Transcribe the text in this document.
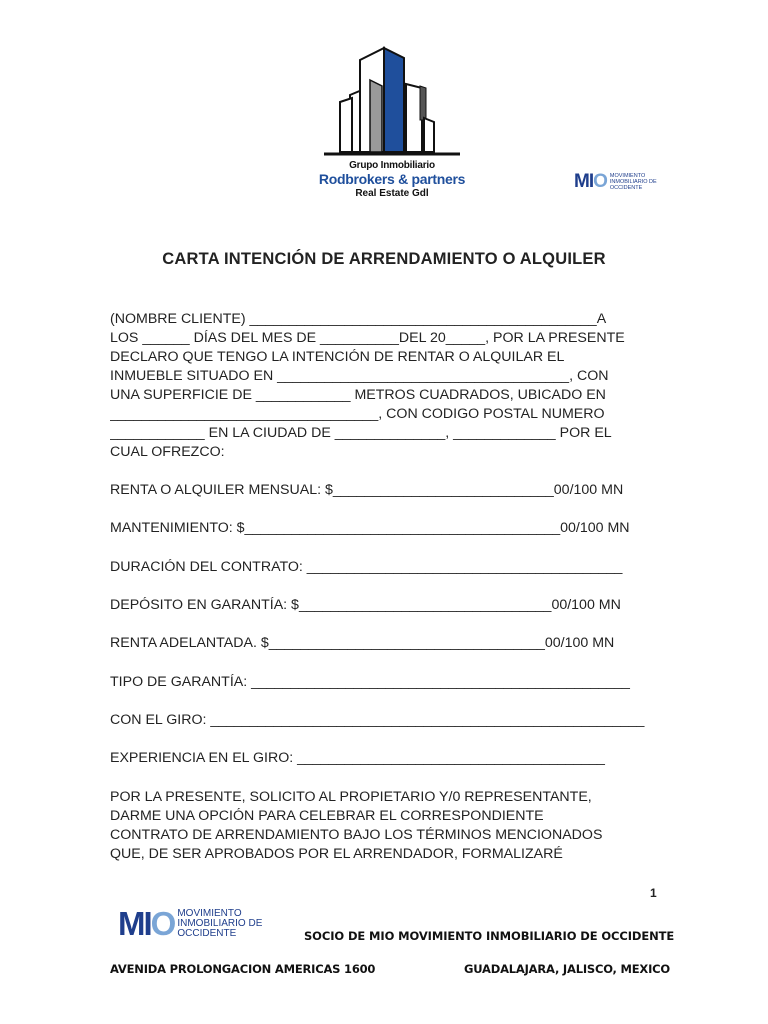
Grupo Inmobiliario
Rodbrokers & partners
Real Estate Gdl
MIO MOVIMIENTO
INMOBILIARIO DE
OCCIDENTE
CARTA INTENCIÓN DE ARRENDAMIENTO O ALQUILER
(NOMBRE CLIENTE) ____________________________________________A
LOS ______ DÍAS DEL MES DE __________DEL 20_____, POR LA PRESENTE
DECLARO QUE TENGO LA INTENCIÓN DE RENTAR O ALQUILAR EL
INMUEBLE SITUADO EN _____________________________________, CON
UNA SUPERFICIE DE ____________ METROS CUADRADOS, UBICADO EN
__________________________________, CON CODIGO POSTAL NUMERO
____________ EN LA CIUDAD DE ______________, _____________ POR EL
CUAL OFREZCO:
RENTA O ALQUILER MENSUAL: $____________________________00/100 MN
MANTENIMIENTO: $________________________________________00/100 MN
DURACIÓN DEL CONTRATO: ________________________________________
DEPÓSITO EN GARANTÍA: $________________________________00/100 MN
RENTA ADELANTADA. $___________________________________00/100 MN
TIPO DE GARANTÍA: ________________________________________________
CON EL GIRO: _______________________________________________________
EXPERIENCIA EN EL GIRO: _______________________________________
POR LA PRESENTE, SOLICITO AL PROPIETARIO Y/0 REPRESENTANTE,
DARME UNA OPCIÓN PARA CELEBRAR EL CORRESPONDIENTE
CONTRATO DE ARRENDAMIENTO BAJO LOS TÉRMINOS MENCIONADOS
QUE, DE SER APROBADOS POR EL ARRENDADOR, FORMALIZARÉ
1
MIO MOVIMIENTO
INMOBILIARIO DE
OCCIDENTE	SOCIO DE MIO MOVIMIENTO INMOBILIARIO DE OCCIDENTE
AVENIDA PROLONGACION AMERICAS 1600	GUADALAJARA, JALISCO, MEXICO
